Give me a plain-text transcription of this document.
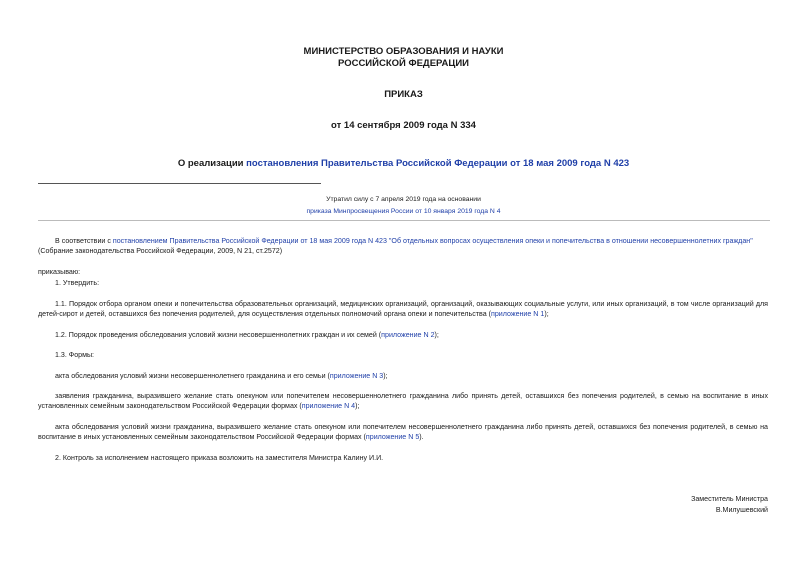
МИНИСТЕРСТВО ОБРАЗОВАНИЯ И НАУКИ
РОССИЙСКОЙ ФЕДЕРАЦИИ
ПРИКАЗ
от 14 сентября 2009 года N 334
О реализации постановления Правительства Российской Федерации от 18 мая 2009 года N 423
Утратил силу с 7 апреля 2019 года на основании
приказа Минпросвещения России от 10 января 2019 года N 4
В соответствии с постановлением Правительства Российской Федерации от 18 мая 2009 года N 423 "Об отдельных вопросах осуществления опеки и попечительства в отношении несовершеннолетних граждан"
(Собрание законодательства Российской Федерации, 2009, N 21, ст.2572)
приказываю:
1. Утвердить:
1.1. Порядок отбора органом опеки и попечительства образовательных организаций, медицинских организаций, организаций, оказывающих социальные услуги, или иных организаций, в том числе организаций для детей-сирот и детей, оставшихся без попечения родителей, для осуществления отдельных полномочий органа опеки и попечительства (приложение N 1);
1.2. Порядок проведения обследования условий жизни несовершеннолетних граждан и их семей (приложение N 2);
1.3. Формы:
акта обследования условий жизни несовершеннолетнего гражданина и его семьи (приложение N 3);
заявления гражданина, выразившего желание стать опекуном или попечителем несовершеннолетнего гражданина либо принять детей, оставшихся без попечения родителей, в семью на воспитание в иных установленных семейным законодательством Российской Федерации формах (приложение N 4);
акта обследования условий жизни гражданина, выразившего желание стать опекуном или попечителем несовершеннолетнего гражданина либо принять детей, оставшихся без попечения родителей, в семью на воспитание в иных установленных семейным законодательством Российской Федерации формах (приложение N 5).
2. Контроль за исполнением настоящего приказа возложить на заместителя Министра Калину И.И.
Заместитель Министра
В.Милушевский
